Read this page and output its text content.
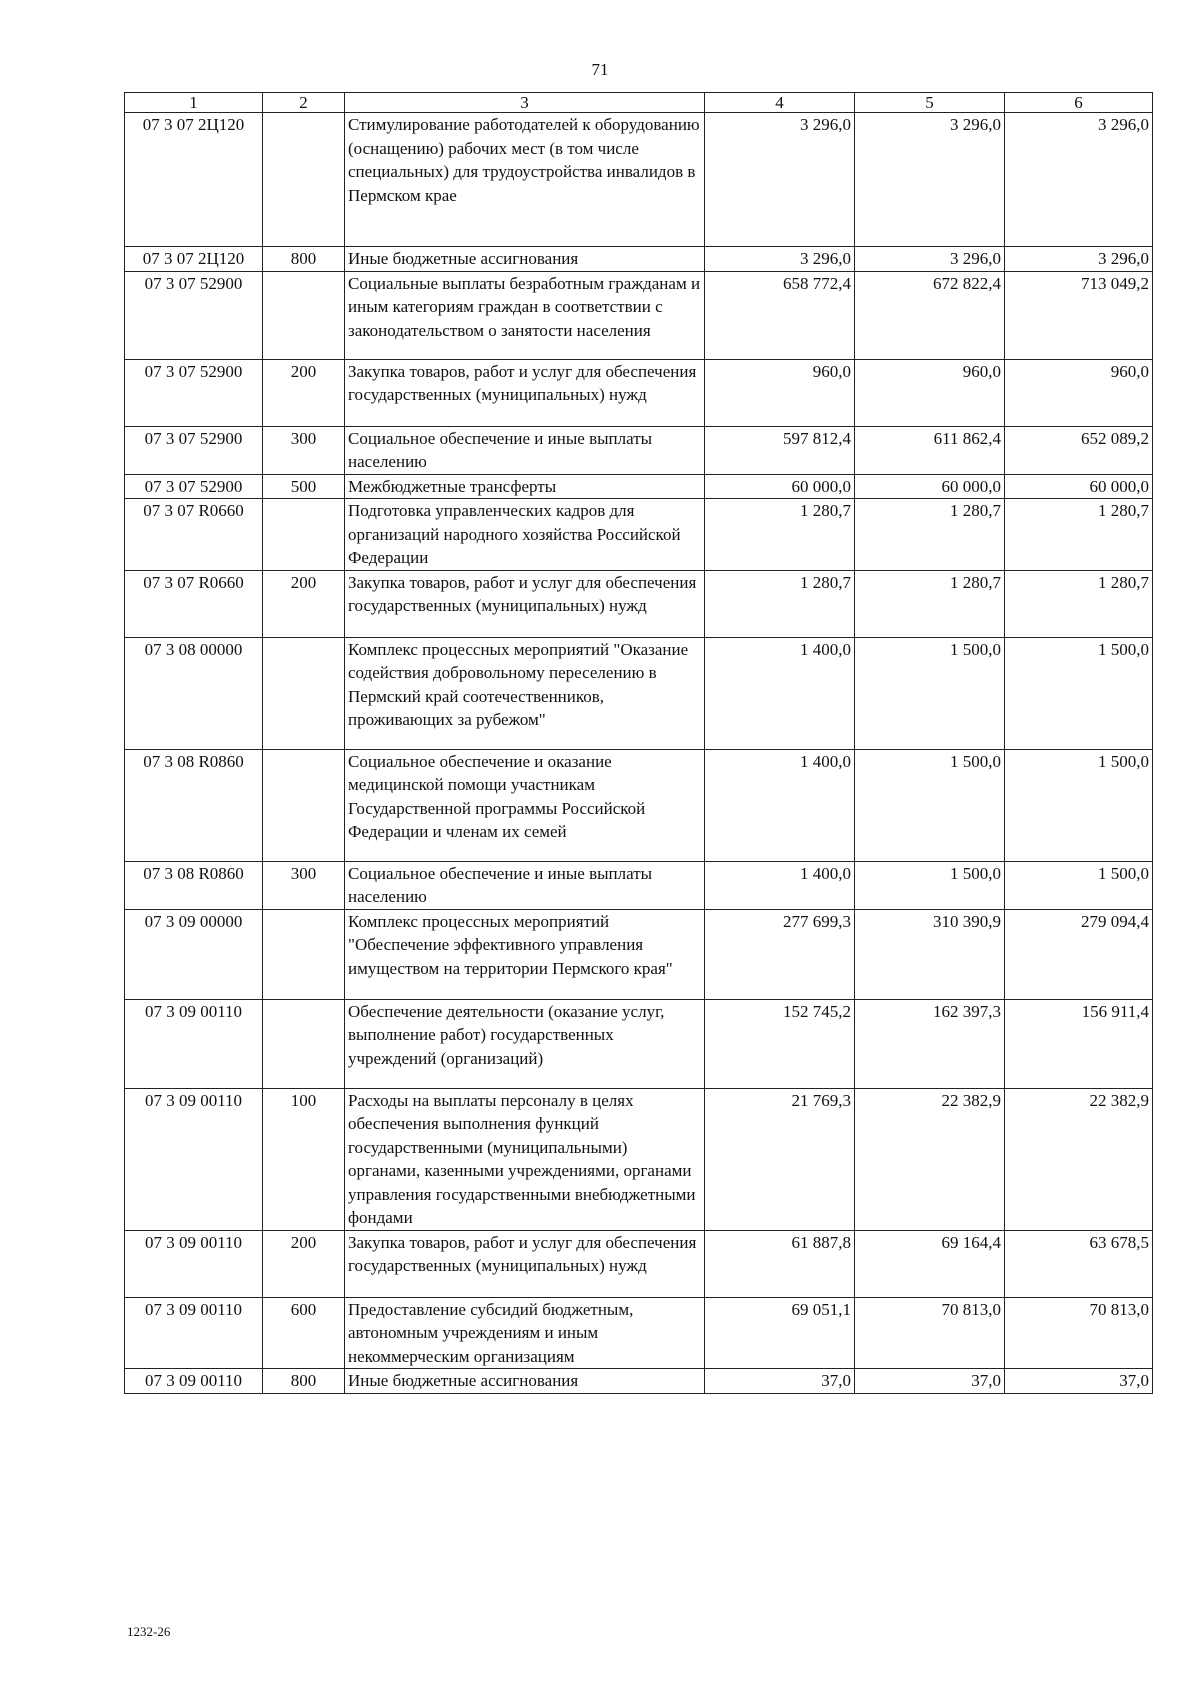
71
1	2	3	4	5	6
07 3 07 2Ц120		Стимулирование работодателей к оборудованию (оснащению) рабочих мест (в том числе специальных) для трудоустройства инвалидов в Пермском крае	3 296,0	3 296,0	3 296,0
07 3 07 2Ц120	800	Иные бюджетные ассигнования	3 296,0	3 296,0	3 296,0
07 3 07 52900		Социальные выплаты безработным гражданам и иным категориям граждан в соответствии с законодательством о занятости населения	658 772,4	672 822,4	713 049,2
07 3 07 52900	200	Закупка товаров, работ и услуг для обеспечения государственных (муниципальных) нужд	960,0	960,0	960,0
07 3 07 52900	300	Социальное обеспечение и иные выплаты населению	597 812,4	611 862,4	652 089,2
07 3 07 52900	500	Межбюджетные трансферты	60 000,0	60 000,0	60 000,0
07 3 07 R0660		Подготовка управленческих кадров для организаций народного хозяйства Российской Федерации	1 280,7	1 280,7	1 280,7
07 3 07 R0660	200	Закупка товаров, работ и услуг для обеспечения государственных (муниципальных) нужд	1 280,7	1 280,7	1 280,7
07 3 08 00000		Комплекс процессных мероприятий "Оказание содействия добровольному переселению в Пермский край соотечественников, проживающих за рубежом"	1 400,0	1 500,0	1 500,0
07 3 08 R0860		Социальное обеспечение и оказание медицинской помощи участникам Государственной программы Российской Федерации и членам их семей	1 400,0	1 500,0	1 500,0
07 3 08 R0860	300	Социальное обеспечение и иные выплаты населению	1 400,0	1 500,0	1 500,0
07 3 09 00000		Комплекс процессных мероприятий "Обеспечение эффективного управления имуществом на территории Пермского края"	277 699,3	310 390,9	279 094,4
07 3 09 00110		Обеспечение деятельности (оказание услуг, выполнение работ) государственных учреждений (организаций)	152 745,2	162 397,3	156 911,4
07 3 09 00110	100	Расходы на выплаты персоналу в целях обеспечения выполнения функций государственными (муниципальными) органами, казенными учреждениями, органами управления государственными внебюджетными фондами	21 769,3	22 382,9	22 382,9
07 3 09 00110	200	Закупка товаров, работ и услуг для обеспечения государственных (муниципальных) нужд	61 887,8	69 164,4	63 678,5
07 3 09 00110	600	Предоставление субсидий бюджетным, автономным учреждениям и иным некоммерческим организациям	69 051,1	70 813,0	70 813,0
07 3 09 00110	800	Иные бюджетные ассигнования	37,0	37,0	37,0
1232-26
